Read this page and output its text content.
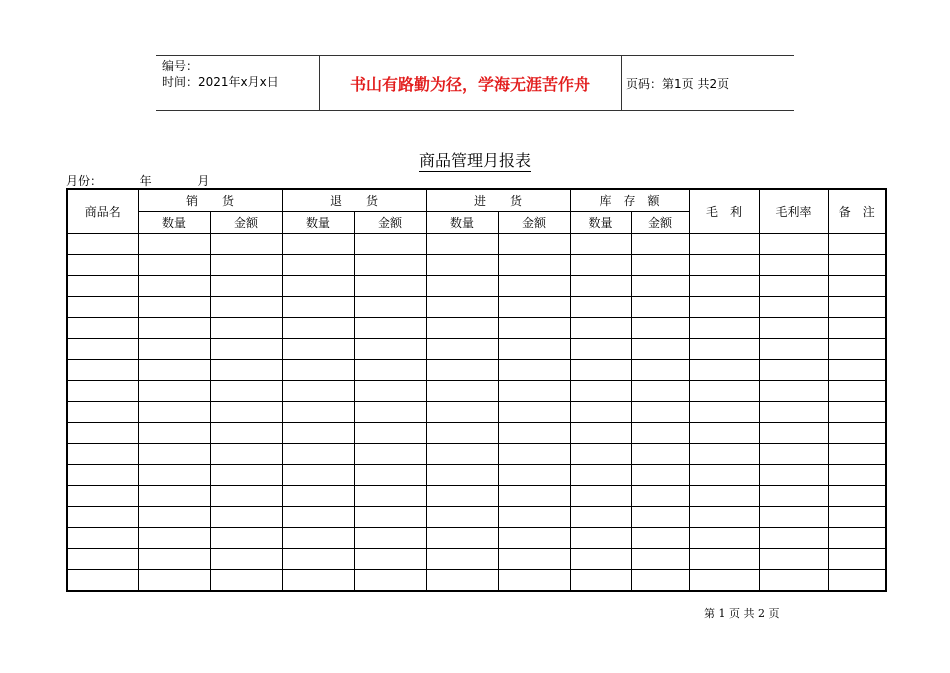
编号：
时间：2021年x月x日	书山有路勤为径，学海无涯苦作舟	页码：第1页 共2页
商品管理月报表
月份：	年	月
商品名	销　　货		退　　货		进　　货		库　存　额		毛　利	毛利率	备　注
	数量	金额	数量	金额	数量	金额	数量	金额			

第 1 页 共 2 页
